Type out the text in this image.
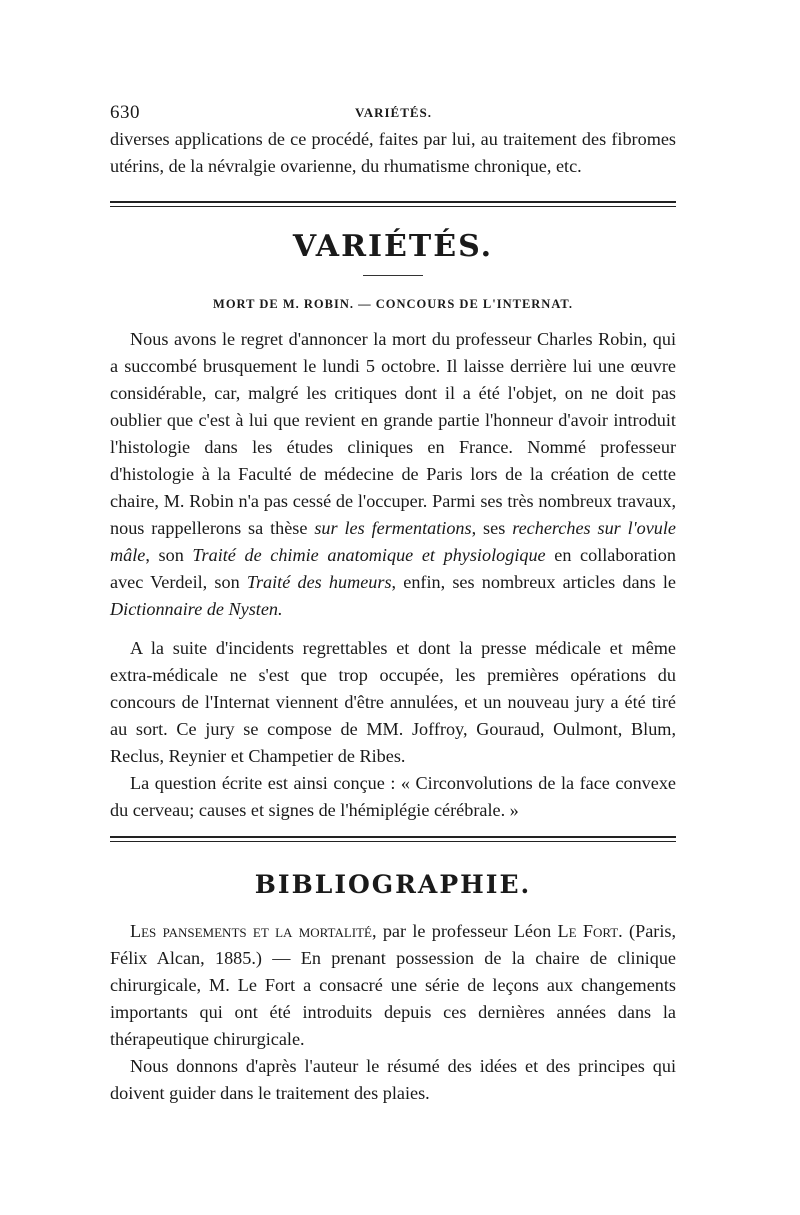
630	VARIÉTÉS.

diverses applications de ce procédé, faites par lui, au traitement des fibromes utérins, de la névralgie ovarienne, du rhumatisme chronique, etc.

VARIÉTÉS.
MORT DE M. ROBIN. — CONCOURS DE L'INTERNAT.

Nous avons le regret d'annoncer la mort du professeur Charles Robin, qui a succombé brusquement le lundi 5 octobre. Il laisse derrière lui une œuvre considérable, car, malgré les critiques dont il a été l'objet, on ne doit pas oublier que c'est à lui que revient en grande partie l'honneur d'avoir introduit l'histologie dans les études cliniques en France. Nommé professeur d'histologie à la Faculté de médecine de Paris lors de la création de cette chaire, M. Robin n'a pas cessé de l'occuper. Parmi ses très nombreux travaux, nous rappellerons sa thèse sur les fermentations, ses recherches sur l'ovule mâle, son Traité de chimie anatomique et physiologique en collaboration avec Verdeil, son Traité des humeurs, enfin, ses nombreux articles dans le Dictionnaire de Nysten.

A la suite d'incidents regrettables et dont la presse médicale et même extra-médicale ne s'est que trop occupée, les premières opérations du concours de l'Internat viennent d'être annulées, et un nouveau jury a été tiré au sort. Ce jury se compose de MM. Joffroy, Gouraud, Oulmont, Blum, Reclus, Reynier et Champetier de Ribes.

La question écrite est ainsi conçue : « Circonvolutions de la face convexe du cerveau; causes et signes de l'hémiplégie cérébrale. »

BIBLIOGRAPHIE.

Les pansements et la mortalité, par le professeur Léon Le Fort. (Paris, Félix Alcan, 1885.) — En prenant possession de la chaire de clinique chirurgicale, M. Le Fort a consacré une série de leçons aux changements importants qui ont été introduits depuis ces dernières années dans la thérapeutique chirurgicale.

Nous donnons d'après l'auteur le résumé des idées et des principes qui doivent guider dans le traitement des plaies.
